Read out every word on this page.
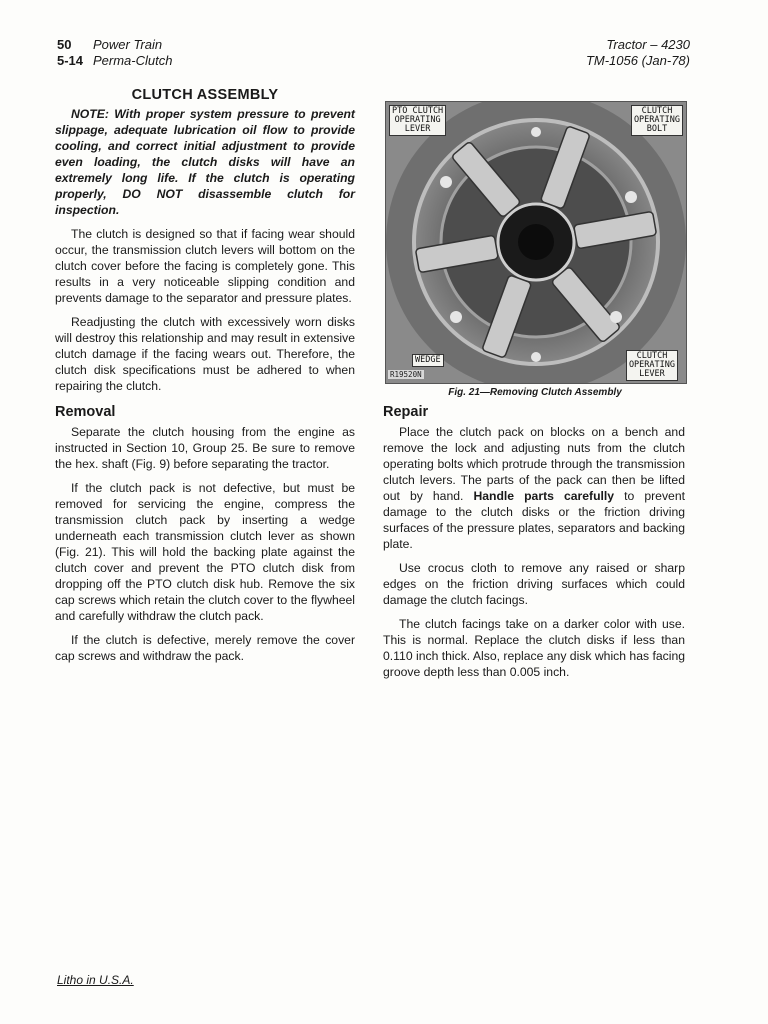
50 Power Train
5-14 Perma-Clutch
Tractor – 4230
TM-1056 (Jan-78)
CLUTCH ASSEMBLY

NOTE: With proper system pressure to prevent slippage, adequate lubrication oil flow to provide cooling, and correct initial adjustment to provide even loading, the clutch disks will have an extremely long life. If the clutch is operating properly, DO NOT disassemble clutch for inspection.

The clutch is designed so that if facing wear should occur, the transmission clutch levers will bottom on the clutch cover before the facing is completely gone. This results in a very noticeable slipping condition and prevents damage to the separator and pressure plates.

Readjusting the clutch with excessively worn disks will destroy this relationship and may result in extensive clutch damage if the facing wears out. Therefore, the clutch disk specifications must be adhered to when repairing the clutch.

Removal

Separate the clutch housing from the engine as instructed in Section 10, Group 25. Be sure to remove the hex. shaft (Fig. 9) before separating the tractor.

If the clutch pack is not defective, but must be removed for servicing the engine, compress the transmission clutch pack by inserting a wedge underneath each transmission clutch lever as shown (Fig. 21). This will hold the backing plate against the clutch cover and prevent the PTO clutch disk from dropping off the PTO clutch disk hub. Remove the six cap screws which retain the clutch cover to the flywheel and carefully withdraw the clutch pack.

If the clutch is defective, merely remove the cover cap screws and withdraw the pack.

PTO CLUTCH
OPERATING
LEVER
CLUTCH
OPERATING
BOLT
WEDGE	CLUTCH
OPERATING
LEVER
R19520N
Fig. 21—Removing Clutch Assembly
Repair

Place the clutch pack on blocks on a bench and remove the lock and adjusting nuts from the clutch operating bolts which protrude through the transmission clutch levers. The parts of the pack can then be lifted out by hand. Handle parts carefully to prevent damage to the clutch disks or the friction driving surfaces of the pressure plates, separators and backing plate.

Use crocus cloth to remove any raised or sharp edges on the friction driving surfaces which could damage the clutch facings.

The clutch facings take on a darker color with use. This is normal. Replace the clutch disks if less than 0.110 inch thick. Also, replace any disk which has facing groove depth less than 0.005 inch.

Litho in U.S.A.
